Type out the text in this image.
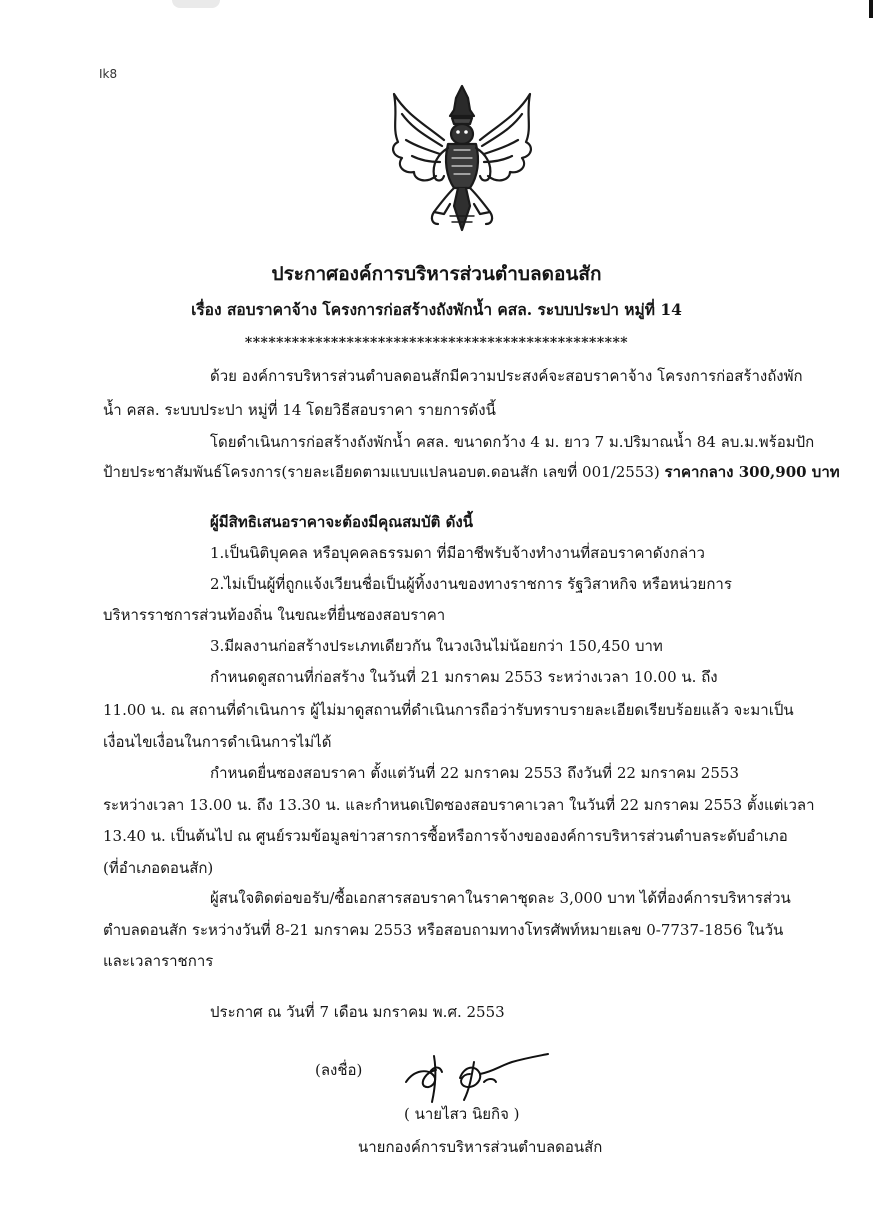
Ik8
ประกาศองค์การบริหารส่วนตำบลดอนสัก
เรื่อง สอบราคาจ้าง โครงการก่อสร้างถังพักน้ำ คสล. ระบบประปา หมู่ที่ 14
*************************************************
ด้วย องค์การบริหารส่วนตำบลดอนสักมีความประสงค์จะสอบราคาจ้าง โครงการก่อสร้างถังพัก
น้ำ คสล. ระบบประปา หมู่ที่ 14 โดยวิธีสอบราคา รายการดังนี้
โดยดำเนินการก่อสร้างถังพักน้ำ คสล. ขนาดกว้าง 4 ม. ยาว 7 ม.ปริมาณน้ำ 84 ลบ.ม.พร้อมปัก
ป้ายประชาสัมพันธ์โครงการ(รายละเอียดตามแบบแปลนอบต.ดอนสัก เลขที่ 001/2553) ราคากลาง 300,900 บาท
ผู้มีสิทธิเสนอราคาจะต้องมีคุณสมบัติ ดังนี้
1.เป็นนิติบุคคล หรือบุคคลธรรมดา ที่มีอาชีพรับจ้างทำงานที่สอบราคาดังกล่าว
2.ไม่เป็นผู้ที่ถูกแจ้งเวียนชื่อเป็นผู้ทิ้งงานของทางราชการ รัฐวิสาหกิจ หรือหน่วยการ
บริหารราชการส่วนท้องถิ่น ในขณะที่ยื่นซองสอบราคา
3.มีผลงานก่อสร้างประเภทเดียวกัน ในวงเงินไม่น้อยกว่า 150,450 บาท
กำหนดดูสถานที่ก่อสร้าง ในวันที่ 21 มกราคม 2553 ระหว่างเวลา 10.00 น. ถึง
11.00 น. ณ สถานที่ดำเนินการ ผู้ไม่มาดูสถานที่ดำเนินการถือว่ารับทราบรายละเอียดเรียบร้อยแล้ว จะมาเป็น
เงื่อนไขเงื่อนในการดำเนินการไม่ได้
กำหนดยื่นซองสอบราคา ตั้งแต่วันที่ 22 มกราคม 2553 ถึงวันที่ 22 มกราคม 2553
ระหว่างเวลา 13.00 น. ถึง 13.30 น. และกำหนดเปิดซองสอบราคาเวลา ในวันที่ 22 มกราคม 2553 ตั้งแต่เวลา
13.40 น. เป็นต้นไป ณ ศูนย์รวมข้อมูลข่าวสารการซื้อหรือการจ้างขององค์การบริหารส่วนตำบลระดับอำเภอ
(ที่อำเภอดอนสัก)
ผู้สนใจติดต่อขอรับ/ซื้อเอกสารสอบราคาในราคาชุดละ 3,000 บาท ได้ที่องค์การบริหารส่วน
ตำบลดอนสัก ระหว่างวันที่ 8-21 มกราคม 2553 หรือสอบถามทางโทรศัพท์หมายเลข 0-7737-1856 ในวัน
และเวลาราชการ
ประกาศ ณ วันที่ 7 เดือน มกราคม พ.ศ. 2553
(ลงชื่อ)
( นายไสว นิยกิจ )
นายกองค์การบริหารส่วนตำบลดอนสัก
